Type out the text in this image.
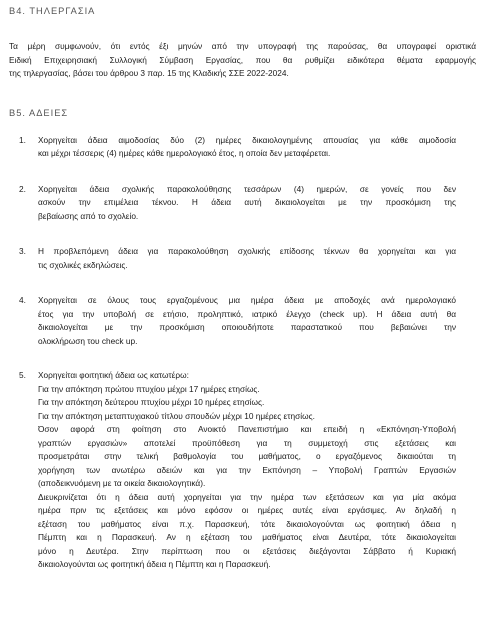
Β4. ΤΗΛΕΡΓΑΣΙΑ
Τα μέρη συμφωνούν, ότι εντός έξι μηνών από την υπογραφή της παρούσας, θα υπογραφεί οριστικά
Ειδική Επιχειρησιακή Συλλογική Σύμβαση Εργασίας, που θα ρυθμίζει ειδικότερα θέματα εφαρμογής
της τηλεργασίας, βάσει του άρθρου 3 παρ. 15 της Κλαδικής ΣΣΕ 2022-2024.
Β5. ΑΔΕΙΕΣ
1.	Χορηγείται άδεια αιμοδοσίας δύο (2) ημέρες δικαιολογημένης απουσίας για κάθε αιμοδοσία
και μέχρι τέσσερις (4) ημέρες κάθε ημερολογιακό έτος, η οποία δεν μεταφέρεται.
2.	Χορηγείται άδεια σχολικής παρακολούθησης τεσσάρων (4) ημερών, σε γονείς που δεν
ασκούν την επιμέλεια τέκνου. Η άδεια αυτή δικαιολογείται με την προσκόμιση της
βεβαίωσης από το σχολείο.
3.	Η προβλεπόμενη άδεια για παρακολούθηση σχολικής επίδοσης τέκνων θα χορηγείται και για
τις σχολικές εκδηλώσεις.
4.	Χορηγείται σε όλους τους εργαζομένους μια ημέρα άδεια με αποδοχές ανά ημερολογιακό
έτος για την υποβολή σε ετήσιο, προληπτικό, ιατρικό έλεγχο (check up). Η άδεια αυτή θα
δικαιολογείται με την προσκόμιση οποιουδήποτε παραστατικού που βεβαιώνει την
ολοκλήρωση του check up.
5.	Χορηγείται φοιτητική άδεια ως κατωτέρω:
Για την απόκτηση πρώτου πτυχίου μέχρι 17 ημέρες ετησίως.
Για την απόκτηση δεύτερου πτυχίου μέχρι 10 ημέρες ετησίως.
Για την απόκτηση μεταπτυχιακού τίτλου σπουδών μέχρι 10 ημέρες ετησίως.
Όσον αφορά στη φοίτηση στο Ανοικτό Πανεπιστήμιο και επειδή η «Εκπόνηση-Υποβολή
γραπτών εργασιών» αποτελεί προϋπόθεση για τη συμμετοχή στις εξετάσεις και
προσμετράται στην τελική βαθμολογία του μαθήματος, ο εργαζόμενος δικαιούται τη
χορήγηση των ανωτέρω αδειών και για την Εκπόνηση – Υποβολή Γραπτών Εργασιών
(αποδεικνυόμενη με τα οικεία δικαιολογητικά).
Διευκρινίζεται ότι η άδεια αυτή χορηγείται για την ημέρα των εξετάσεων και για μία ακόμα
ημέρα πριν τις εξετάσεις και μόνο εφόσον οι ημέρες αυτές είναι εργάσιμες. Αν δηλαδή η
εξέταση του μαθήματος είναι π.χ. Παρασκευή, τότε δικαιολογούνται ως φοιτητική άδεια η
Πέμπτη και η Παρασκευή. Αν η εξέταση του μαθήματος είναι Δευτέρα, τότε δικαιολογείται
μόνο η Δευτέρα. Στην περίπτωση που οι εξετάσεις διεξάγονται Σάββατο ή Κυριακή
δικαιολογούνται ως φοιτητική άδεια η Πέμπτη και η Παρασκευή.
